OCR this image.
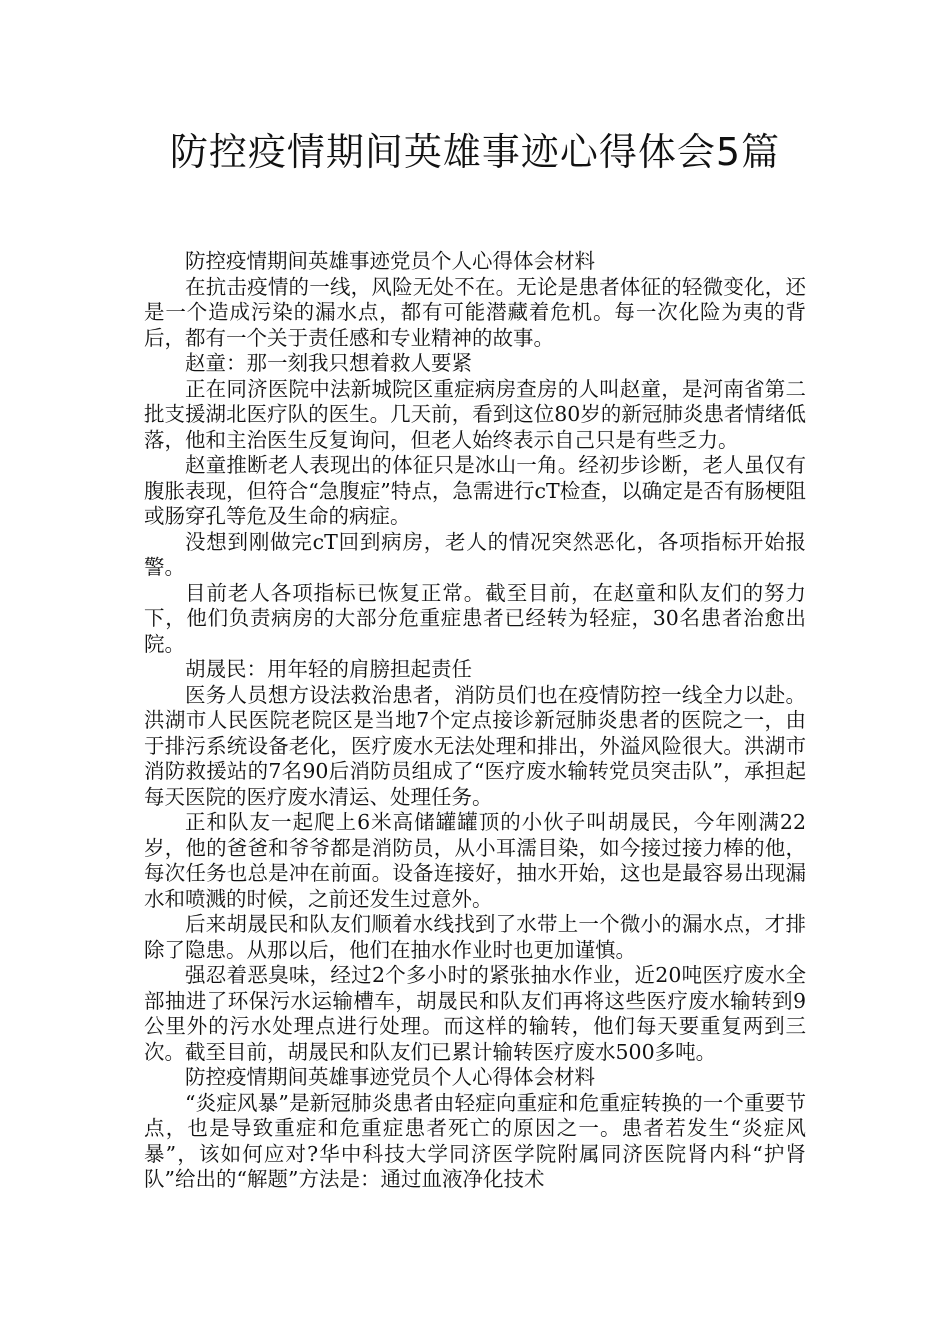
防控疫情期间英雄事迹心得体会5篇

防控疫情期间英雄事迹党员个人心得体会材料

在抗击疫情的一线，风险无处不在。无论是患者体征的轻微变化，还是一个造成污染的漏水点，都有可能潜藏着危机。每一次化险为夷的背后，都有一个关于责任感和专业精神的故事。

赵童：那一刻我只想着救人要紧

正在同济医院中法新城院区重症病房查房的人叫赵童，是河南省第二批支援湖北医疗队的医生。几天前，看到这位80岁的新冠肺炎患者情绪低落，他和主治医生反复询问，但老人始终表示自己只是有些乏力。

赵童推断老人表现出的体征只是冰山一角。经初步诊断，老人虽仅有腹胀表现，但符合“急腹症”特点，急需进行cT检查，以确定是否有肠梗阻或肠穿孔等危及生命的病症。

没想到刚做完cT回到病房，老人的情况突然恶化，各项指标开始报警。

目前老人各项指标已恢复正常。截至目前，在赵童和队友们的努力下，他们负责病房的大部分危重症患者已经转为轻症，30名患者治愈出院。

胡晟民：用年轻的肩膀担起责任

医务人员想方设法救治患者，消防员们也在疫情防控一线全力以赴。洪湖市人民医院老院区是当地7个定点接诊新冠肺炎患者的医院之一，由于排污系统设备老化，医疗废水无法处理和排出，外溢风险很大。洪湖市消防救援站的7名90后消防员组成了“医疗废水输转党员突击队”，承担起每天医院的医疗废水清运、处理任务。

正和队友一起爬上6米高储罐罐顶的小伙子叫胡晟民，今年刚满22岁，他的爸爸和爷爷都是消防员，从小耳濡目染，如今接过接力棒的他，每次任务也总是冲在前面。设备连接好，抽水开始，这也是最容易出现漏水和喷溅的时候，之前还发生过意外。

后来胡晟民和队友们顺着水线找到了水带上一个微小的漏水点，才排除了隐患。从那以后，他们在抽水作业时也更加谨慎。

强忍着恶臭味，经过2个多小时的紧张抽水作业，近20吨医疗废水全部抽进了环保污水运输槽车，胡晟民和队友们再将这些医疗废水输转到9公里外的污水处理点进行处理。而这样的输转，他们每天要重复两到三次。截至目前，胡晟民和队友们已累计输转医疗废水500多吨。

防控疫情期间英雄事迹党员个人心得体会材料

“炎症风暴”是新冠肺炎患者由轻症向重症和危重症转换的一个重要节点，也是导致重症和危重症患者死亡的原因之一。患者若发生“炎症风暴”，该如何应对?华中科技大学同济医学院附属同济医院肾内科“护肾队”给出的“解题”方法是：通过血液净化技术
